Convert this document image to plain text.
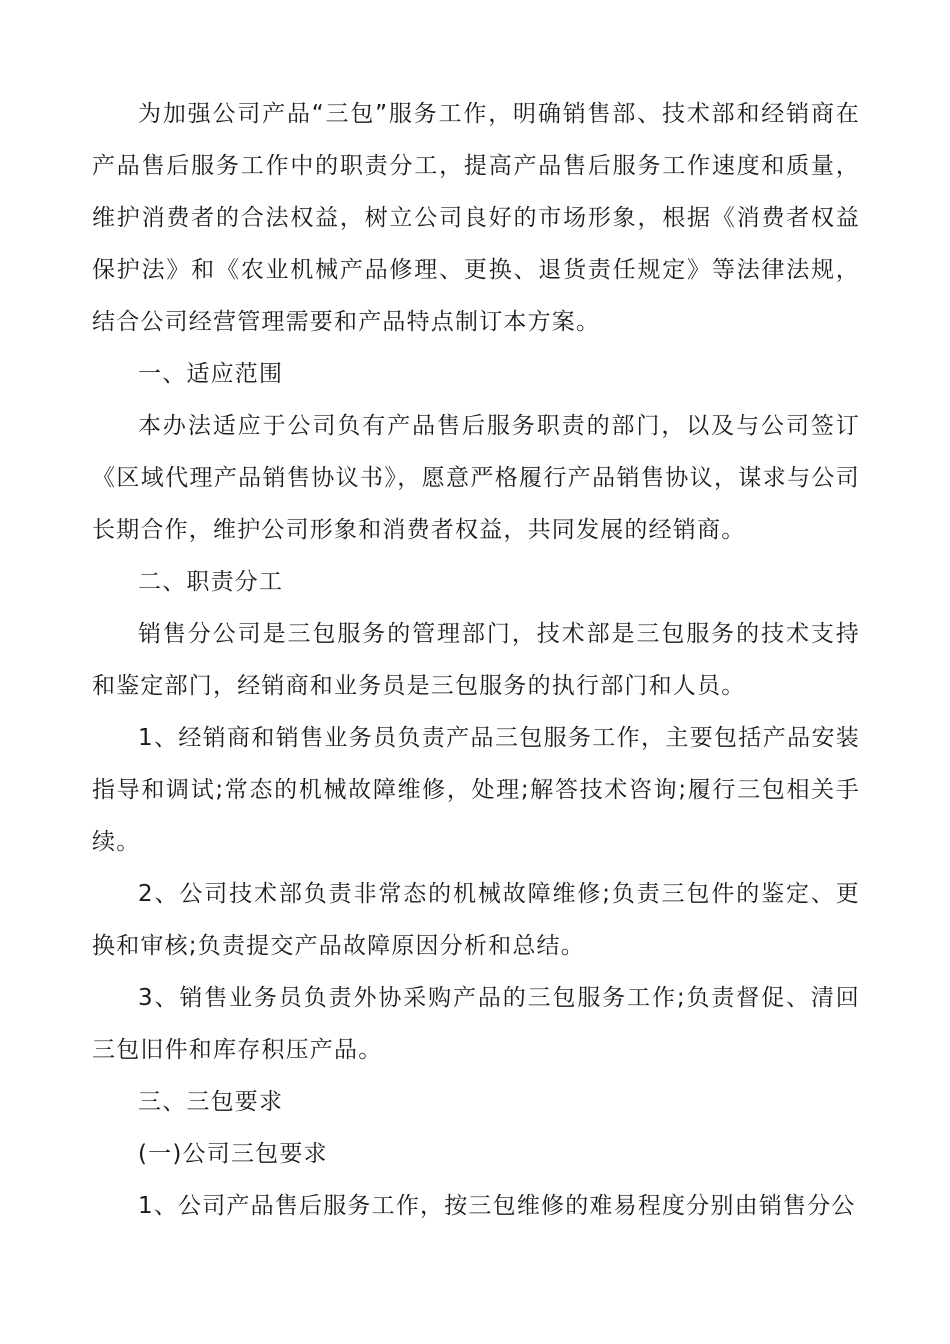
为加强公司产品“三包”服务工作，明确销售部、技术部和经销商在产品售后服务工作中的职责分工，提高产品售后服务工作速度和质量，维护消费者的合法权益，树立公司良好的市场形象，根据《消费者权益保护法》和《农业机械产品修理、更换、退货责任规定》等法律法规，结合公司经营管理需要和产品特点制订本方案。

一、适应范围

本办法适应于公司负有产品售后服务职责的部门，以及与公司签订《区域代理产品销售协议书》，愿意严格履行产品销售协议，谋求与公司长期合作，维护公司形象和消费者权益，共同发展的经销商。

二、职责分工

销售分公司是三包服务的管理部门，技术部是三包服务的技术支持和鉴定部门，经销商和业务员是三包服务的执行部门和人员。

1、经销商和销售业务员负责产品三包服务工作，主要包括产品安装指导和调试;常态的机械故障维修，处理;解答技术咨询;履行三包相关手续。

2、公司技术部负责非常态的机械故障维修;负责三包件的鉴定、更换和审核;负责提交产品故障原因分析和总结。

3、销售业务员负责外协采购产品的三包服务工作;负责督促、清回三包旧件和库存积压产品。

三、三包要求

(一)公司三包要求

1、公司产品售后服务工作，按三包维修的难易程度分别由销售分公
